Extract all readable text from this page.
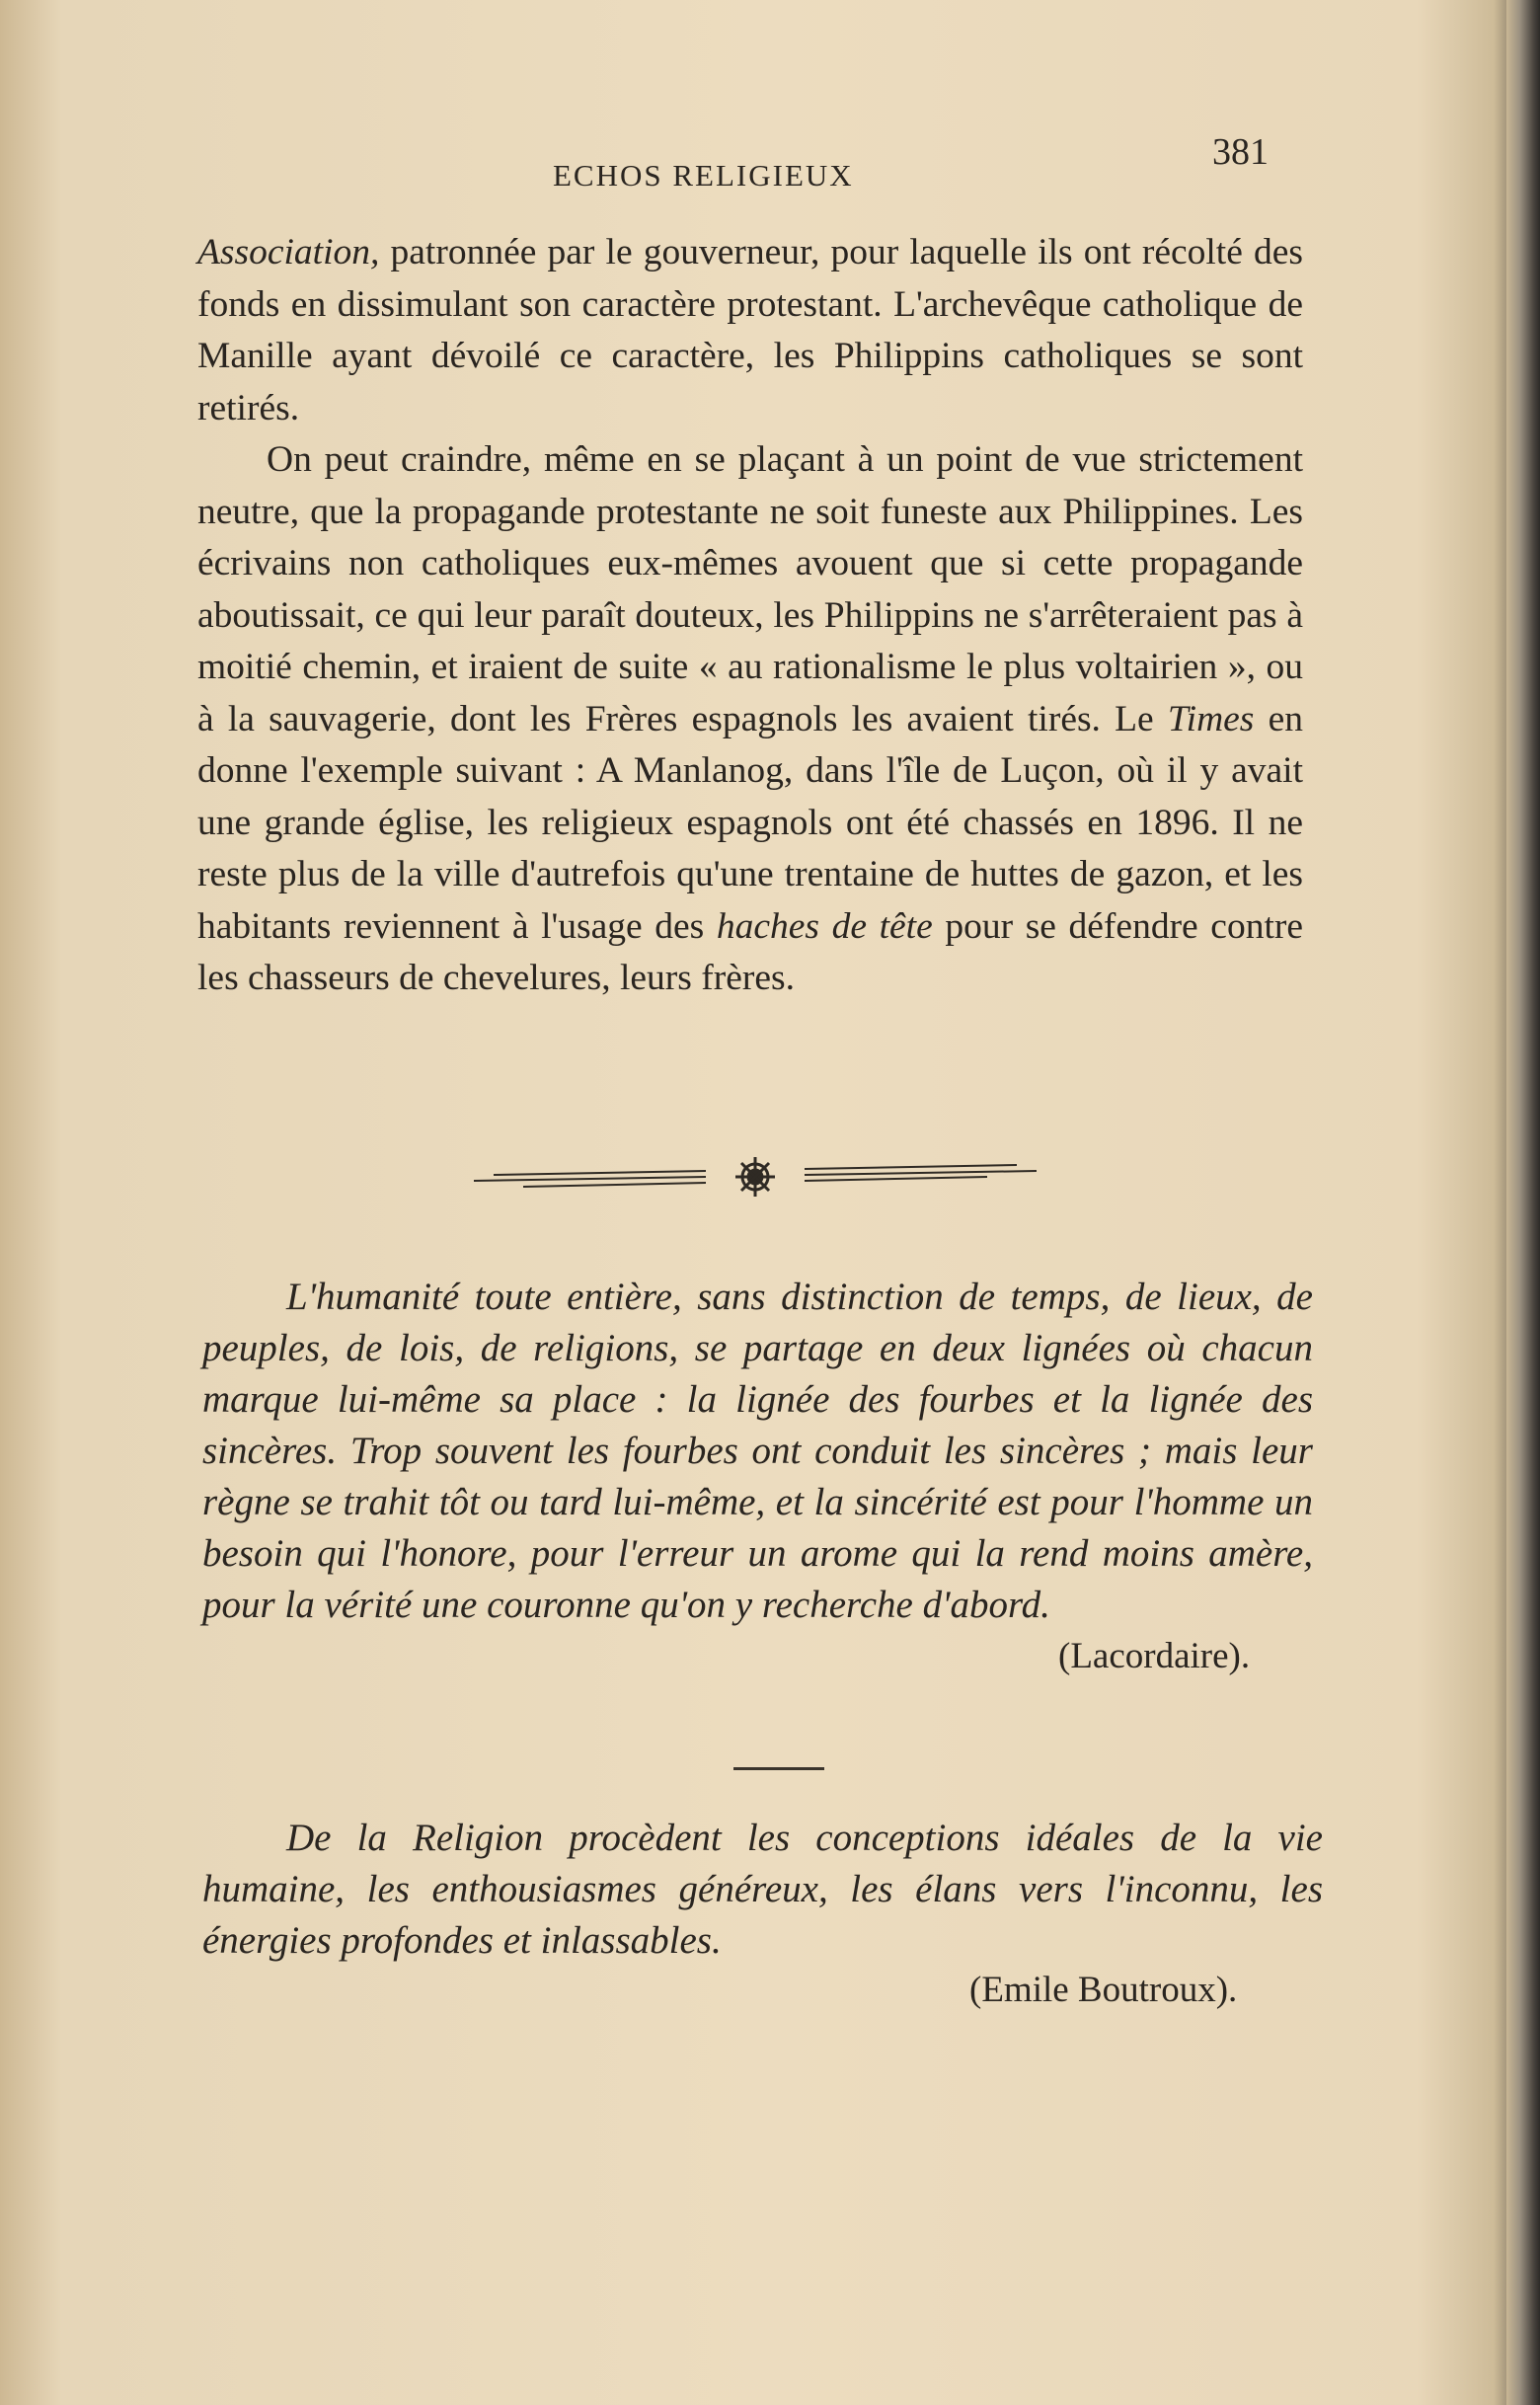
ECHOS RELIGIEUX
381

Association, patronnée par le gouverneur, pour laquelle ils ont récolté des fonds en dissimulant son caractère protestant. L'archevêque catholique de Manille ayant dévoilé ce caractère, les Philippins catholiques se sont retirés.

On peut craindre, même en se plaçant à un point de vue strictement neutre, que la propagande protestante ne soit funeste aux Philippines. Les écrivains non catholiques eux-mêmes avouent que si cette propagande aboutissait, ce qui leur paraît douteux, les Philippins ne s'arrêteraient pas à moitié chemin, et iraient de suite « au rationalisme le plus voltairien », ou à la sauvagerie, dont les Frères espagnols les avaient tirés. Le Times en donne l'exemple suivant : A Manlanog, dans l'île de Luçon, où il y avait une grande église, les religieux espagnols ont été chassés en 1896. Il ne reste plus de la ville d'autrefois qu'une trentaine de huttes de gazon, et les habitants reviennent à l'usage des haches de tête pour se défendre contre les chasseurs de chevelures, leurs frères.

L'humanité toute entière, sans distinction de temps, de lieux, de peuples, de lois, de religions, se partage en deux lignées où chacun marque lui-même sa place : la lignée des fourbes et la lignée des sincères. Trop souvent les fourbes ont conduit les sincères ; mais leur règne se trahit tôt ou tard lui-même, et la sincérité est pour l'homme un besoin qui l'honore, pour l'erreur un arome qui la rend moins amère, pour la vérité une couronne qu'on y recherche d'abord.

(Lacordaire).

De la Religion procèdent les conceptions idéales de la vie humaine, les enthousiasmes généreux, les élans vers l'inconnu, les énergies profondes et inlassables.

(Emile Boutroux).
